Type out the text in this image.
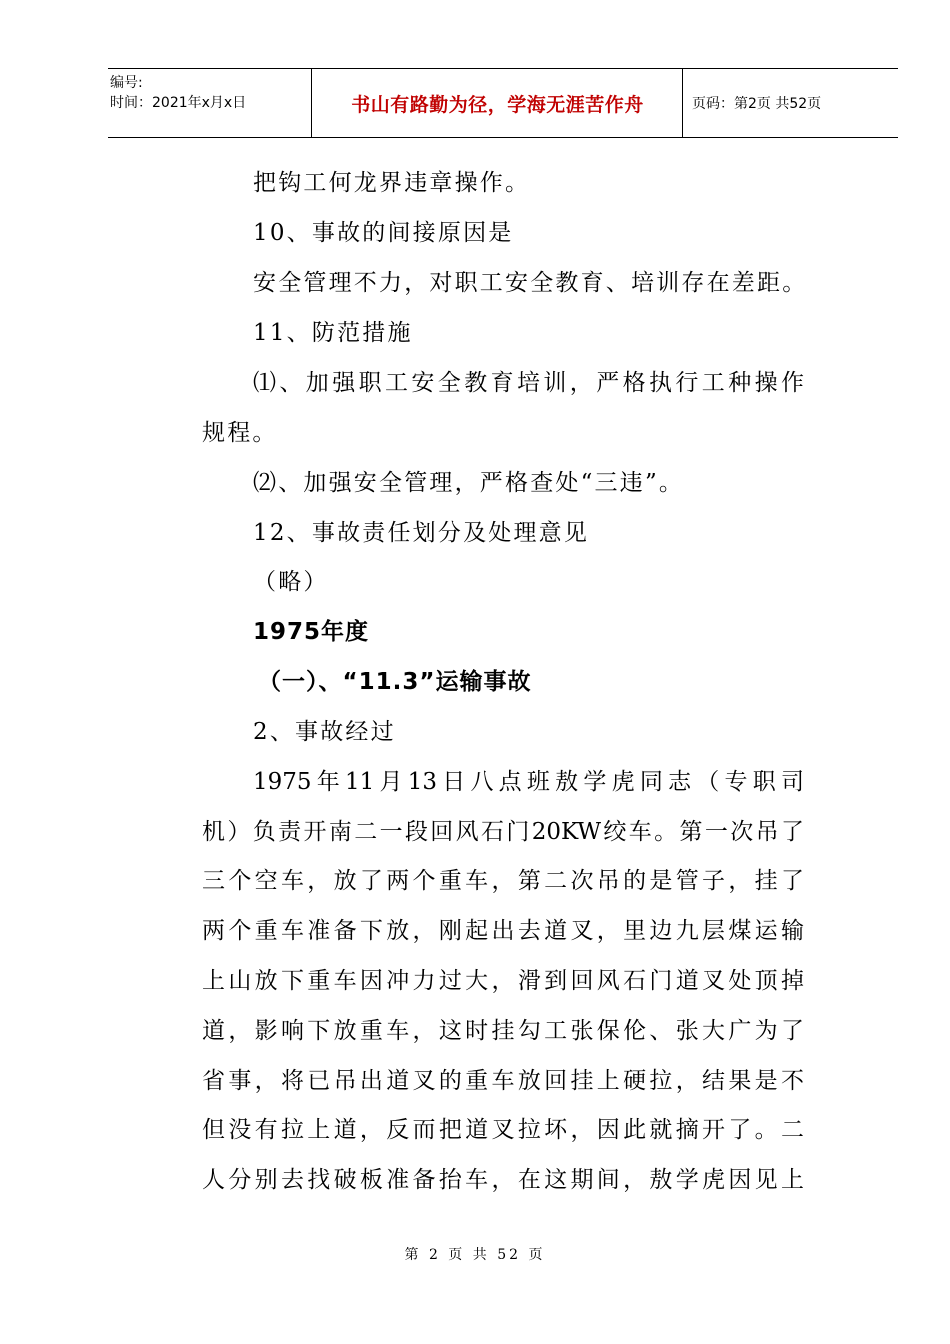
编号:
时间：2021年x月x日	书山有路勤为径，学海无涯苦作舟	页码：第2页 共52页
把钩工何龙界违章操作。
10、事故的间接原因是
安全管理不力，对职工安全教育、培训存在差距。
11、防范措施
⑴、加强职工安全教育培训，严格执行工种操作
规程。
⑵、加强安全管理，严格查处“三违”。
12、事故责任划分及处理意见
（略）
1975年度
（一）、“11.3”运输事故
2、事故经过
1975年11月13日八点班敖学虎同志（专职司
机）负责开南二一段回风石门20KW绞车。第一次吊了
三个空车，放了两个重车，第二次吊的是管子，挂了
两个重车准备下放，刚起出去道叉，里边九层煤运输
上山放下重车因冲力过大，滑到回风石门道叉处顶掉
道，影响下放重车，这时挂勾工张保伦、张大广为了
省事，将已吊出道叉的重车放回挂上硬拉，结果是不
但没有拉上道，反而把道叉拉坏，因此就摘开了。二
人分别去找破板准备抬车，在这期间，敖学虎因见上
第 2 页 共 52 页
